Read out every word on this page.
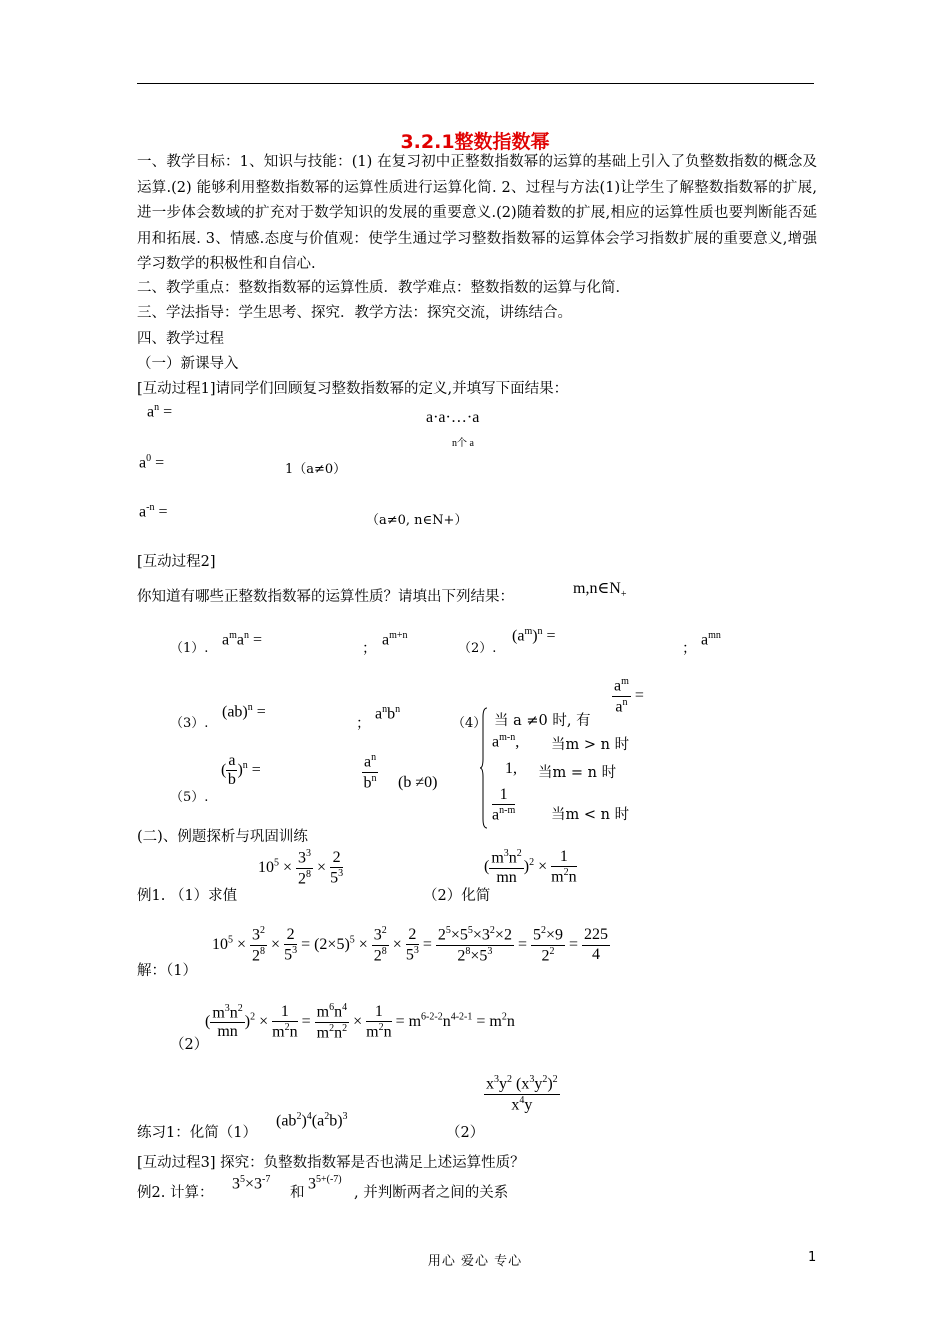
3.2.1整数指数幂
一、教学目标：1、知识与技能：(1) 在复习初中正整数指数幂的运算的基础上引入了负整数指数的概念及运算.(2) 能够利用整数指数幂的运算性质进行运算化简. 2、过程与方法(1)让学生了解整数指数幂的扩展,进一步体会数域的扩充对于数学知识的发展的重要意义.(2)随着数的扩展,相应的运算性质也要判断能否延用和拓展. 3、情感.态度与价值观：使学生通过学习整数指数幂的运算体会学习指数扩展的重要意义,增强学习数学的积极性和自信心.
二、教学重点：整数指数幂的运算性质．教学难点：整数指数的运算与化简．
三、学法指导：学生思考、探究．教学方法：探究交流，讲练结合。
四、教学过程
（一）新课导入
[互动过程1]请同学们回顾复习整数指数幂的定义,并填写下面结果：
$a^n$ =	a·a·…·a
n个 a
$a^0$ =	1（a≠0）
$a^{-n}$ =
（a≠0, n∈N+）
[互动过程2]
你知道有哪些正整数指数幂的运算性质？请填出下列结果：	$m,n\in N_+$
（1）.
$a^ma^n$ =
；
$a^{m+n}$
（2）.
$(a^m)^n$ =
；
$a^{mn}$
（3）.
(ab)$^n$ =
；
$a^nb^n$
（4）
$\frac{a^m}{a^n}$ =
当 a ≠0 时, 有
$a^{m-n}$, 当m > n 时
1, 当m = n 时
$\frac{1}{a^{n-m}}$ 当m < n 时
（5）.
( $\frac{a}{b} )^n$ =	$\frac{a^n}{b^n} (b \ne 0)$
(二)、例题探析与巩固训练
$10^5 \times \frac{3^3}{2^8} \times \frac{2}{5^3}$
例1. （1）求值
( $\frac{m^3n^2}{mn} )^2 \times \frac{1}{m^2n}$
（2）化简
解：（1）
$10^5 \times \frac{3^2}{2^8} \times \frac{2}{5^3} = (2\times 5)^5 \times \frac{3^2}{2^8} \times \frac{2}{5^3} = \frac{2^5\times 5^5\times 3^2\times 2}{2^8\times 5^3} = \frac{5^2\times 9}{2^2} = \frac{225}{4}$
（2）
( $\frac{m^3n^2}{mn} )^2 \times \frac{1}{m^2n} = \frac{m^6n^4}{m^2n^2} \times \frac{1}{m^2n} = m^{6-2-2}n^{4-2-1} = m^2n$
$\frac{x^3y^2 (x^3y^2)^2}{x^4y}$
练习1：化简（1）
$(ab^2)^4(a^2b)^3$
（2）
[互动过程3] 探究：负整数指数幂是否也满足上述运算性质？
例2. 计算：
$3^5\times 3^{-7}$
和
$3^{5+(-7)}$
, 并判断两者之间的关系
用心 爱心 专心	1
